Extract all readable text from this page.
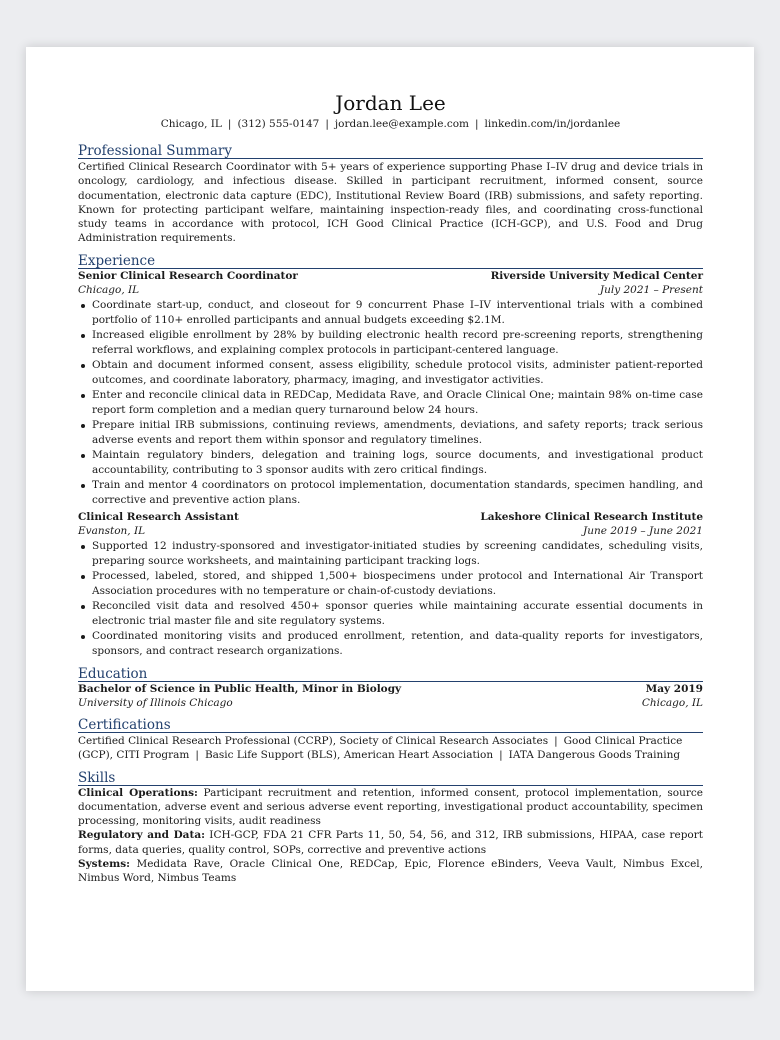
Jordan Lee
Chicago, IL | (312) 555-0147 | jordan.lee@example.com | linkedin.com/in/jordanlee
Professional Summary

Certified Clinical Research Coordinator with 5+ years of experience supporting Phase I–IV drug and device trials in oncology, cardiology, and infectious disease. Skilled in participant recruitment, informed consent, source documentation, electronic data capture (EDC), Institutional Review Board (IRB) submissions, and safety reporting. Known for protecting participant welfare, maintaining inspection-ready files, and coordinating cross-functional study teams in accordance with protocol, ICH Good Clinical Practice (ICH-GCP), and U.S. Food and Drug Administration requirements.

Experience
Senior Clinical Research Coordinator	Riverside University Medical Center
Chicago, IL	July 2021 – Present
Coordinate start-up, conduct, and closeout for 9 concurrent Phase I–IV interventional trials with a combined portfolio of 110+ enrolled participants and annual budgets exceeding $2.1M.
Increased eligible enrollment by 28% by building electronic health record pre-screening reports, strengthening referral workflows, and explaining complex protocols in participant-centered language.
Obtain and document informed consent, assess eligibility, schedule protocol visits, administer patient-reported outcomes, and coordinate laboratory, pharmacy, imaging, and investigator activities.
Enter and reconcile clinical data in REDCap, Medidata Rave, and Oracle Clinical One; maintain 98% on-time case report form completion and a median query turnaround below 24 hours.
Prepare initial IRB submissions, continuing reviews, amendments, deviations, and safety reports; track serious adverse events and report them within sponsor and regulatory timelines.
Maintain regulatory binders, delegation and training logs, source documents, and investigational product accountability, contributing to 3 sponsor audits with zero critical findings.
Train and mentor 4 coordinators on protocol implementation, documentation standards, specimen handling, and corrective and preventive action plans.
Clinical Research Assistant	Lakeshore Clinical Research Institute
Evanston, IL	June 2019 – June 2021
Supported 12 industry-sponsored and investigator-initiated studies by screening candidates, scheduling visits, preparing source worksheets, and maintaining participant tracking logs.
Processed, labeled, stored, and shipped 1,500+ biospecimens under protocol and International Air Transport Association procedures with no temperature or chain-of-custody deviations.
Reconciled visit data and resolved 450+ sponsor queries while maintaining accurate essential documents in electronic trial master file and site regulatory systems.
Coordinated monitoring visits and produced enrollment, retention, and data-quality reports for investigators, sponsors, and contract research organizations.
Education
Bachelor of Science in Public Health, Minor in Biology	May 2019
University of Illinois Chicago	Chicago, IL
Certifications
Certified Clinical Research Professional (CCRP), Society of Clinical Research Associates | Good Clinical Practice (GCP), CITI Program | Basic Life Support (BLS), American Heart Association | IATA Dangerous Goods Training
Skills
Clinical Operations: Participant recruitment and retention, informed consent, protocol implementation, source documentation, adverse event and serious adverse event reporting, investigational product accountability, specimen processing, monitoring visits, audit readiness
Regulatory and Data: ICH-GCP, FDA 21 CFR Parts 11, 50, 54, 56, and 312, IRB submissions, HIPAA, case report forms, data queries, quality control, SOPs, corrective and preventive actions
Systems: Medidata Rave, Oracle Clinical One, REDCap, Epic, Florence eBinders, Veeva Vault, Nimbus Excel, Nimbus Word, Nimbus Teams
